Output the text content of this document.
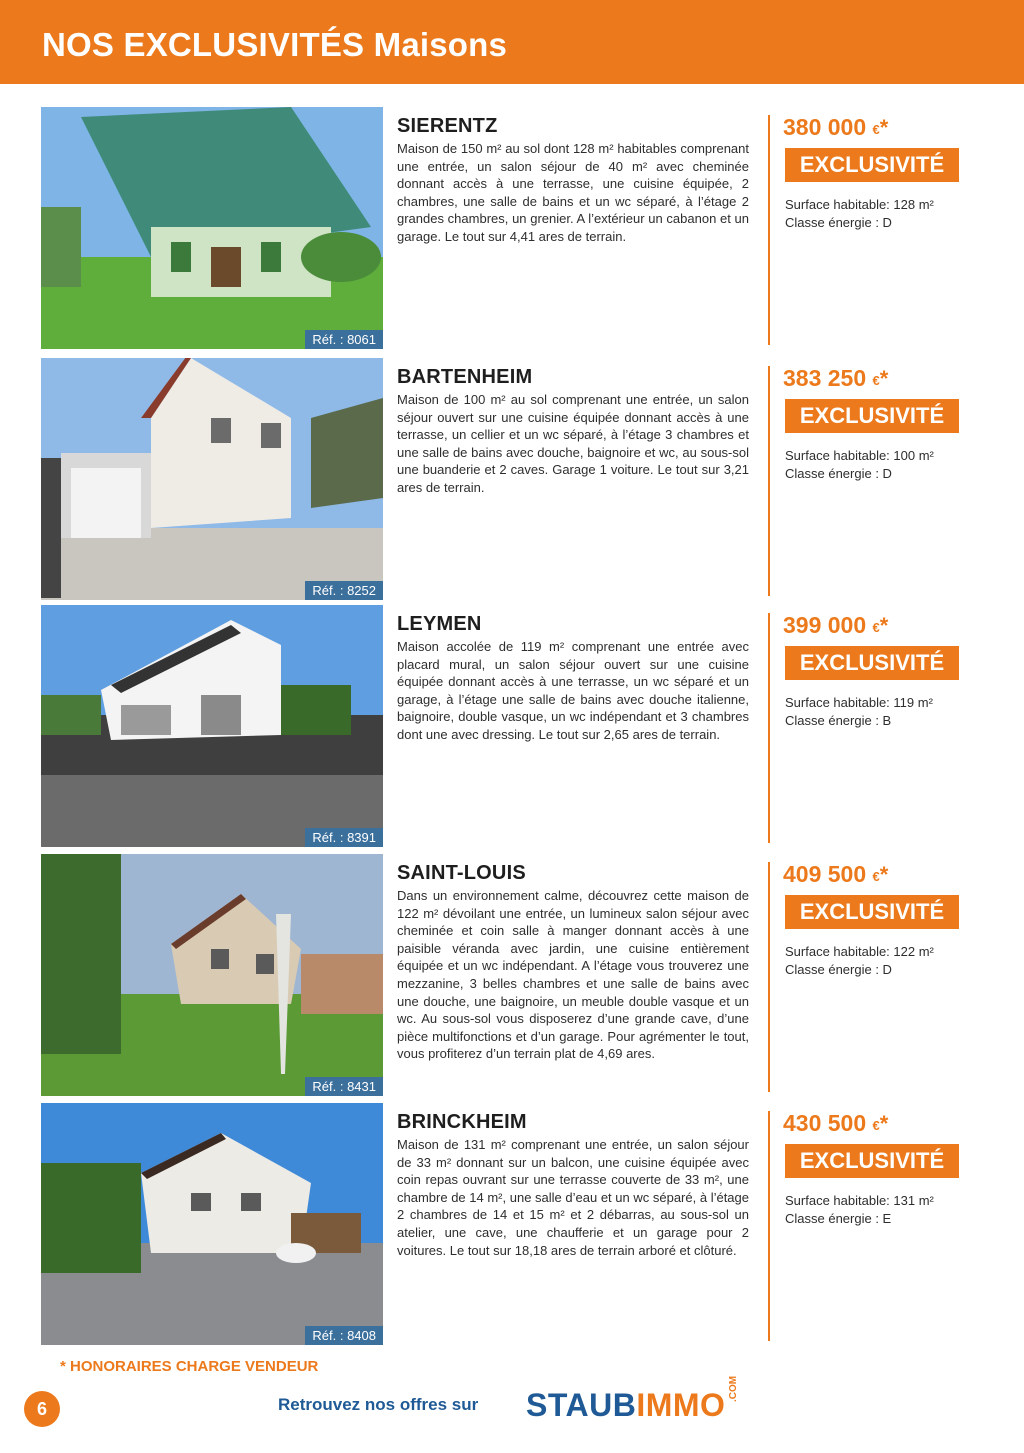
NOS EXCLUSIVITÉS Maisons
Réf. : 8061
SIERENTZ
Maison de 150 m² au sol dont 128 m² habitables comprenant une entrée, un salon séjour de 40 m² avec cheminée donnant accès à une terrasse, une cuisine équipée, 2 chambres, une salle de bains et un wc séparé, à l’étage 2 grandes chambres, un grenier. A l’extérieur un cabanon et un garage. Le tout sur 4,41 ares de terrain.
380 000 €*
EXCLUSIVITÉ
Surface habitable: 128 m²
Classe énergie : D
Réf. : 8252
BARTENHEIM
Maison de 100 m² au sol comprenant une entrée, un salon séjour ouvert sur une cuisine équipée donnant accès à une terrasse, un cellier et un wc séparé, à l’étage 3 chambres et une salle de bains avec douche, baignoire et wc, au sous-sol une buanderie et 2 caves. Garage 1 voiture. Le tout sur 3,21 ares de terrain.
383 250 €*
EXCLUSIVITÉ
Surface habitable: 100 m²
Classe énergie : D
Réf. : 8391
LEYMEN
Maison accolée de 119 m² comprenant une entrée avec placard mural, un salon séjour ouvert sur une cuisine équipée donnant accès à une terrasse, un wc séparé et un garage, à l’étage une salle de bains avec douche italienne, baignoire, double vasque, un wc indépendant et 3 chambres dont une avec dressing. Le tout sur 2,65 ares de terrain.
399 000 €*
EXCLUSIVITÉ
Surface habitable: 119 m²
Classe énergie : B
Réf. : 8431
SAINT-LOUIS
Dans un environnement calme, découvrez cette maison de 122 m² dévoilant une entrée, un lumineux salon séjour avec cheminée et coin salle à manger donnant accès à une paisible véranda avec jardin, une cuisine entièrement équipée et un wc indépendant. A l’étage vous trouverez une mezzanine, 3 belles chambres et une salle de bains avec une douche, une baignoire, un meuble double vasque et un wc. Au sous-sol vous disposerez d’une grande cave, d’une pièce multifonctions et d’un garage. Pour agrémenter le tout, vous profiterez d’un terrain plat de 4,69 ares.
409 500 €*
EXCLUSIVITÉ
Surface habitable: 122 m²
Classe énergie : D
Réf. : 8408
BRINCKHEIM
Maison de 131 m² comprenant une entrée, un salon séjour de 33 m² donnant sur un balcon, une cuisine équipée avec coin repas ouvrant sur une terrasse couverte de 33 m², une chambre de 14 m², une salle d’eau et un wc séparé, à l’étage 2 chambres de 14 et 15 m² et 2 débarras, au sous-sol un atelier, une cave, une chaufferie et un garage pour 2 voitures. Le tout sur 18,18 ares de terrain arboré et clôturé.
430 500 €*
EXCLUSIVITÉ
Surface habitable: 131 m²
Classe énergie : E
* HONORAIRES CHARGE VENDEUR
6	Retrouvez nos offres sur STAUBIMMO .COM
